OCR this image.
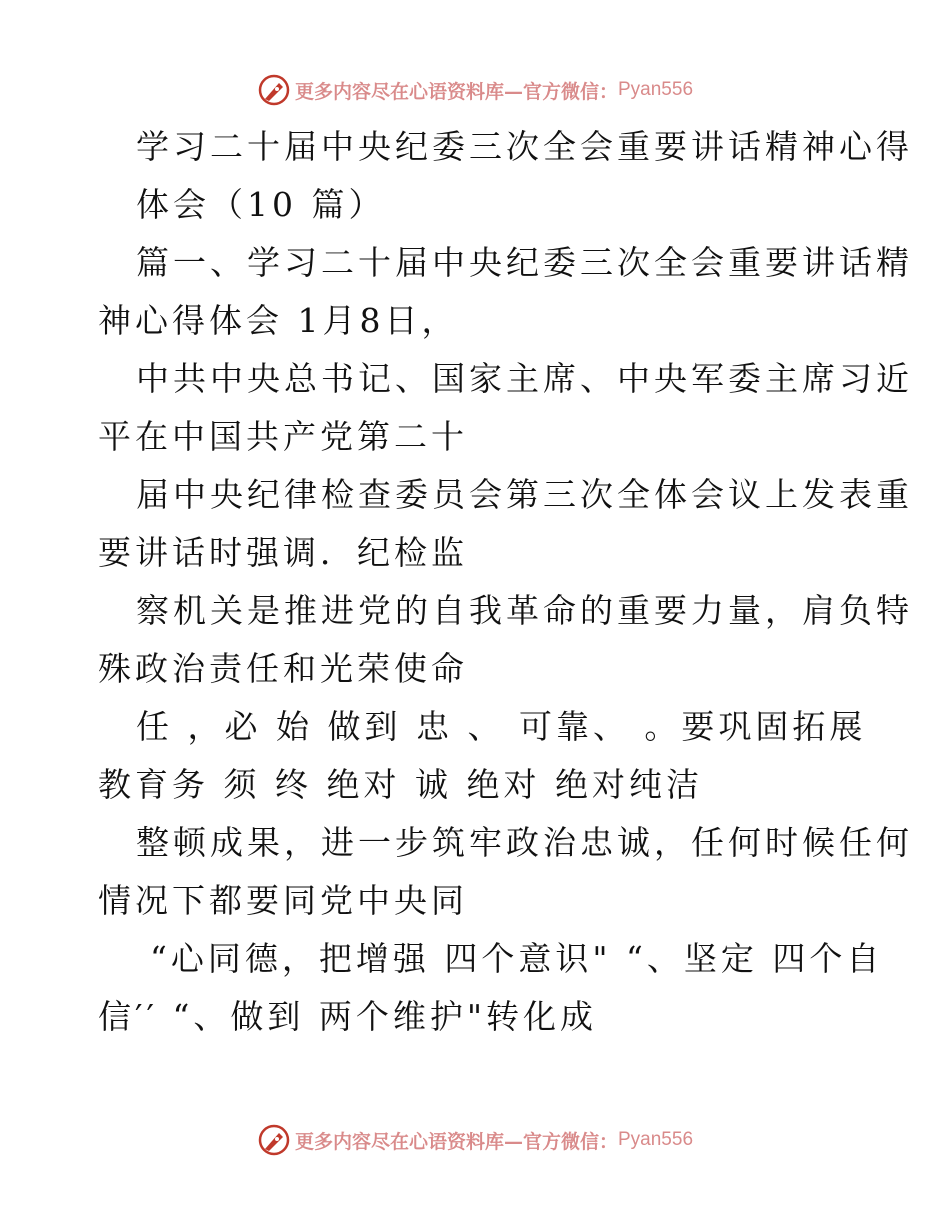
更多内容尽在心语资料库—官方微信： Pyan556
学习二十届中央纪委三次全会重要讲话精神心得
体会（10 篇）
篇一、学习二十届中央纪委三次全会重要讲话精
神心得体会 1月8日，
中共中央总书记、国家主席、中央军委主席习近
平在中国共产党第二十
届中央纪律检查委员会第三次全体会议上发表重
要讲话时强调．纪检监
察机关是推进党的自我革命的重要力量，肩负特
殊政治责任和光荣使命
任 ，必 始 做到 忠 、 可靠、 。要巩固拓展
教育务 须 终 绝对 诚 绝对 绝对纯洁
整顿成果，进一步筑牢政治忠诚，任何时候任何
情况下都要同党中央同
“心同德，把增强 四个意识" “、坚定 四个自
信′′ “、做到 两个维护"转化成
更多内容尽在心语资料库—官方微信： Pyan556
